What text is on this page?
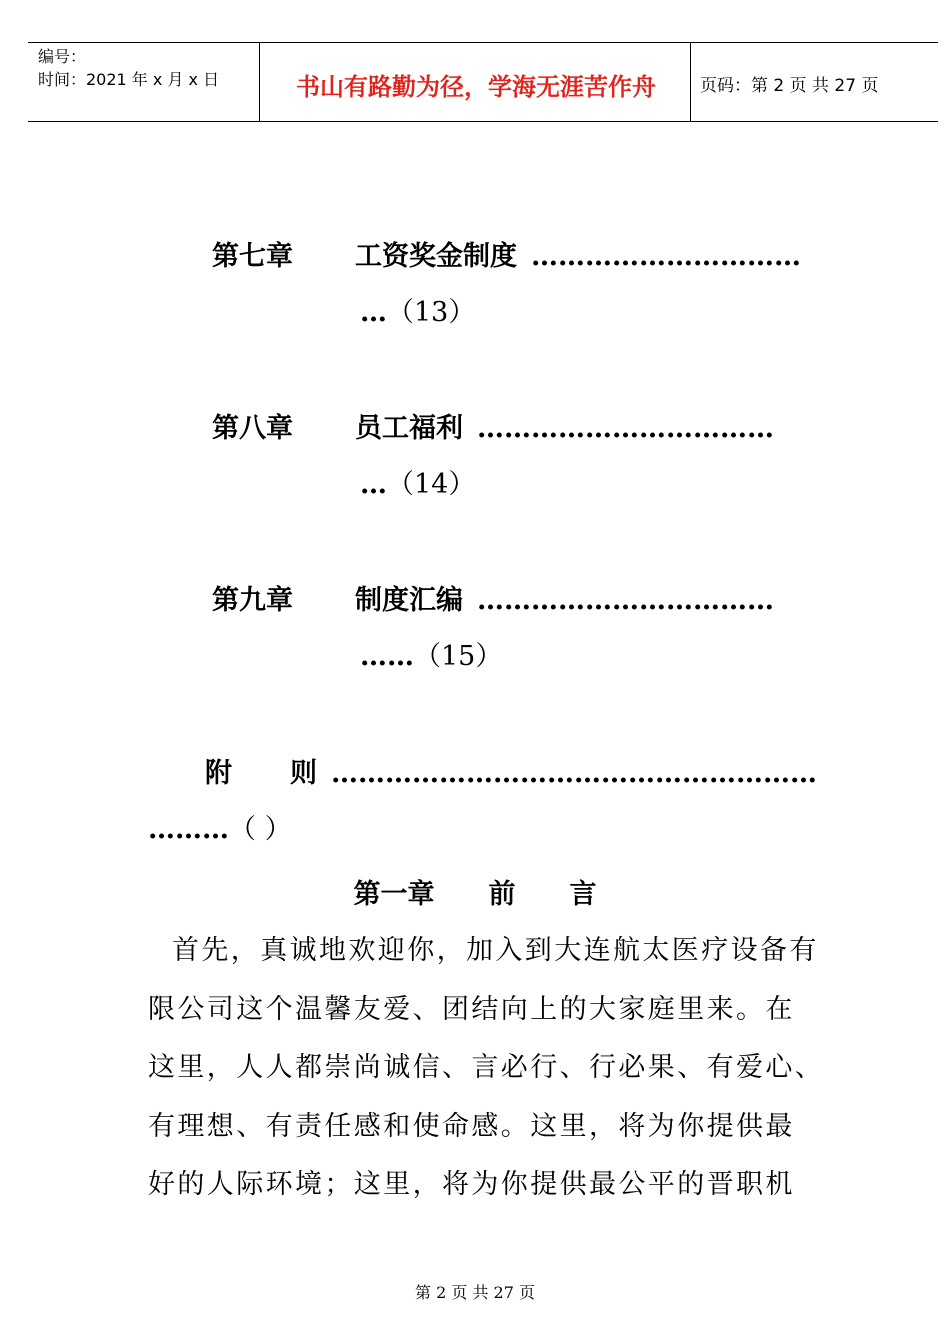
编号：
时间：2021 年 x 月 x 日	书山有路勤为径，学海无涯苦作舟	页码：第 2 页 共 27 页
第七章 工资奖金制度 …………………………
…（13）
第八章 员工福利 ……………………………
…（14）
第九章 制度汇编 ……………………………
……（15）
附 则 ………………………………………………
………（ ）
第一章　　前　　言
首先，真诚地欢迎你，加入到大连航太医疗设备有
限公司这个温馨友爱、团结向上的大家庭里来。在
这里，人人都崇尚诚信、言必行、行必果、有爱心、
有理想、有责任感和使命感。这里，将为你提供最
好的人际环境；这里，将为你提供最公平的晋职机
第 2 页 共 27 页
